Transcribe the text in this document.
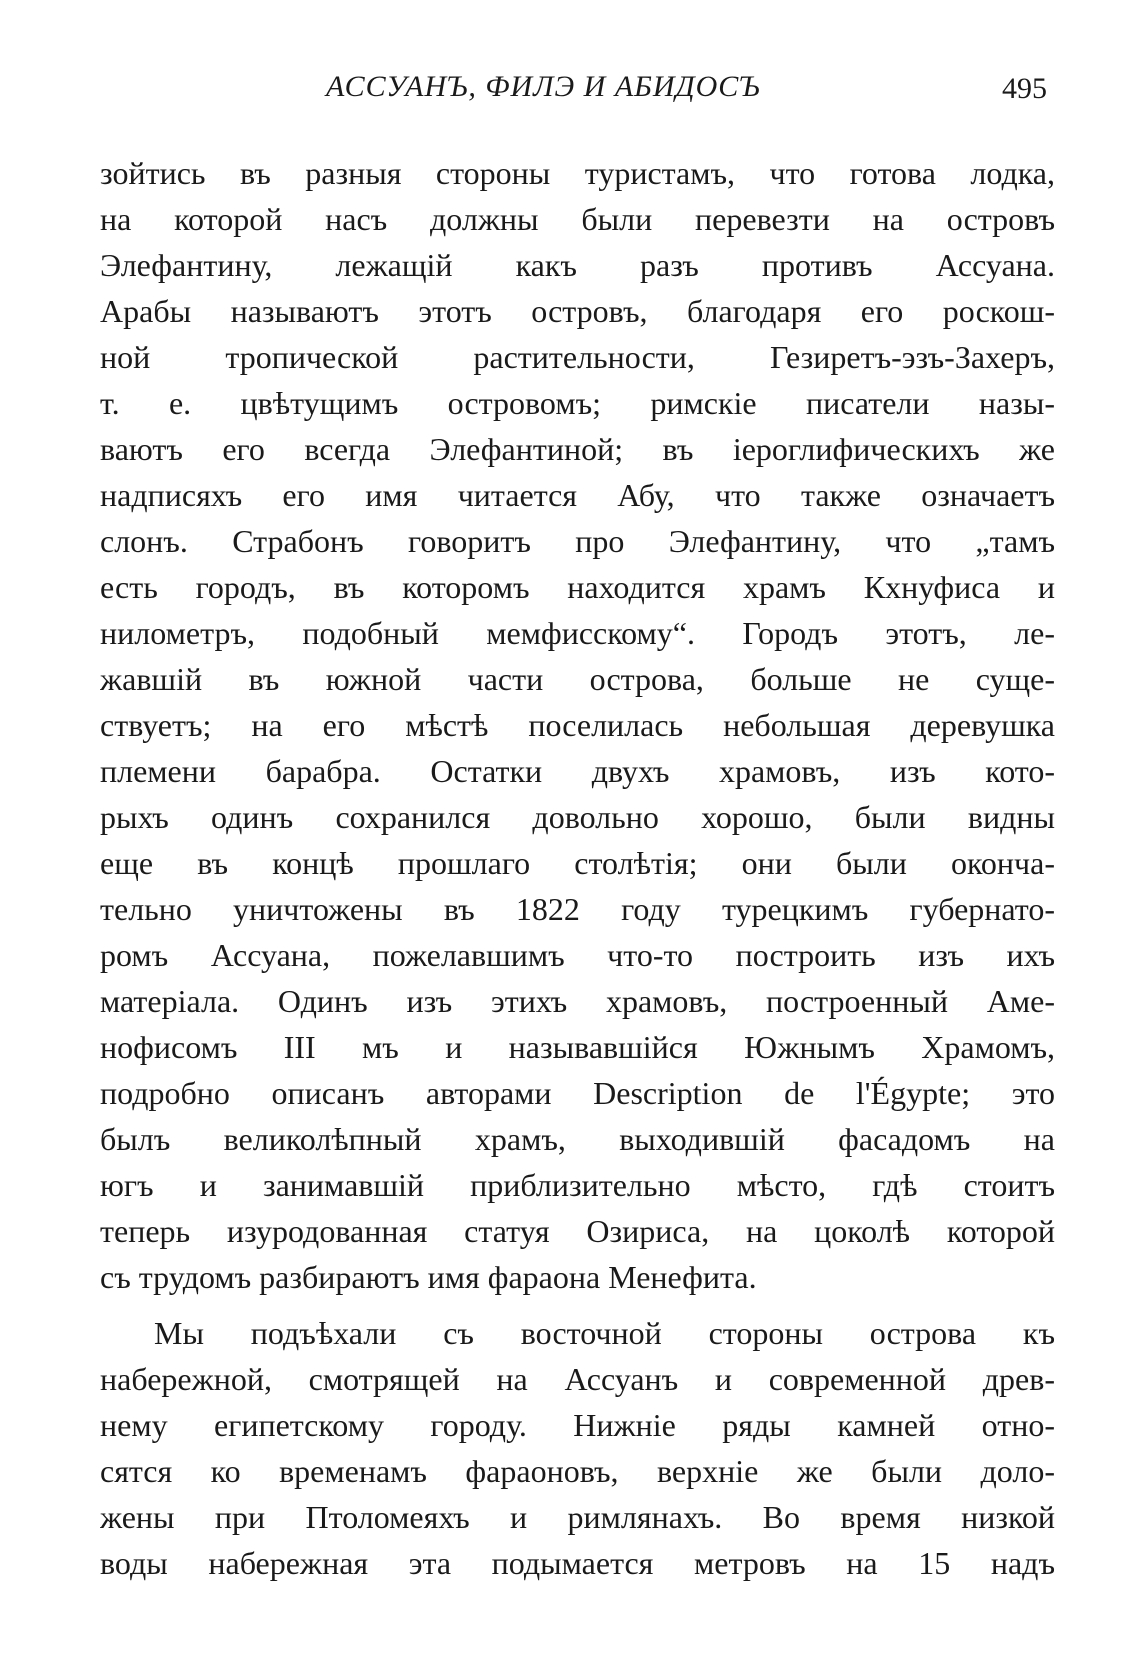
АССУАНЪ, ФИЛЭ И АБИДОСЪ	495
зойтись въ разныя стороны туристамъ, что готова лодка,
на которой насъ должны были перевезти на островъ
Элефантину, лежащій какъ разъ противъ Ассуана.
Арабы называютъ этотъ островъ, благодаря его роскош-
ной тропической растительности, Гезиретъ-эзъ-Захеръ,
т. е. цвѣтущимъ островомъ; римскіе писатели назы-
ваютъ его всегда Элефантиной; въ іероглифическихъ же
надписяхъ его имя читается Абу, что также означаетъ
слонъ. Страбонъ говоритъ про Элефантину, что „тамъ
есть городъ, въ которомъ находится храмъ Кхнуфиса и
нилометръ, подобный мемфисскому“. Городъ этотъ, ле-
жавшій въ южной части острова, больше не суще-
ствуетъ; на его мѣстѣ поселилась небольшая деревушка
племени барабра. Остатки двухъ храмовъ, изъ кото-
рыхъ одинъ сохранился довольно хорошо, были видны
еще въ концѣ прошлаго столѣтія; они были оконча-
тельно уничтожены въ 1822 году турецкимъ губернато-
ромъ Ассуана, пожелавшимъ что-то построить изъ ихъ
матеріала. Одинъ изъ этихъ храмовъ, построенный Аме-
нофисомъ III мъ и называвшійся Южнымъ Храмомъ,
подробно описанъ авторами Description de l'Égypte; это
былъ великолѣпный храмъ, выходившій фасадомъ на
югъ и занимавшій приблизительно мѣсто, гдѣ стоитъ
теперь изуродованная статуя Озириса, на цоколѣ которой
съ трудомъ разбираютъ имя фараона Менефита.
Мы подъѣхали съ восточной стороны острова къ
набережной, смотрящей на Ассуанъ и современной древ-
нему египетскому городу. Нижніе ряды камней отно-
сятся ко временамъ фараоновъ, верхніе же были доло-
жены при Птоломеяхъ и римлянахъ. Во время низкой
воды набережная эта подымается метровъ на 15 надъ
